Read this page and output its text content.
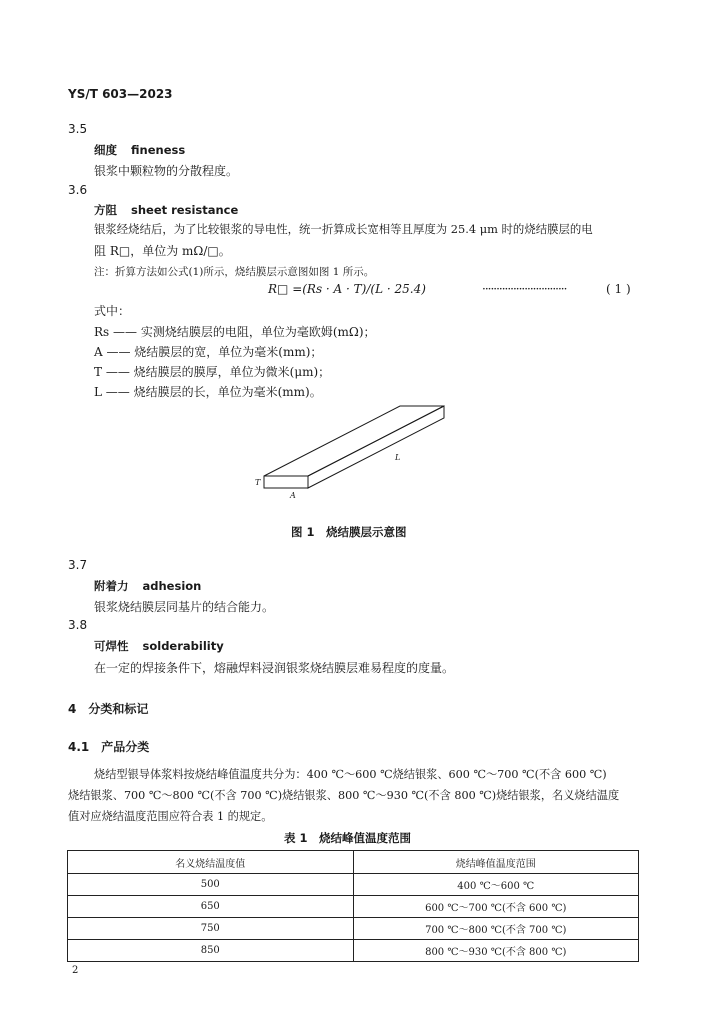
YS/T 603—2023
3.5
细度 fineness
银浆中颗粒物的分散程度。
3.6
方阻 sheet resistance
银浆经烧结后，为了比较银浆的导电性，统一折算成长宽相等且厚度为 25.4 μm 时的烧结膜层的电
阻 R□，单位为 mΩ/□。
注：折算方法如公式(1)所示，烧结膜层示意图如图 1 所示。
R□ =(Rs · A · T)/(L · 25.4)	······························	( 1 )
式中：
Rs —— 实测烧结膜层的电阻，单位为毫欧姆(mΩ)；
A —— 烧结膜层的宽，单位为毫米(mm)；
T —— 烧结膜层的膜厚，单位为微米(μm)；
L —— 烧结膜层的长，单位为毫米(mm)。
L
T
A
图 1　烧结膜层示意图
3.7
附着力 adhesion
银浆烧结膜层同基片的结合能力。
3.8
可焊性 solderability
在一定的焊接条件下，熔融焊料浸润银浆烧结膜层难易程度的度量。
4　分类和标记
4.1　产品分类
烧结型银导体浆料按烧结峰值温度共分为：400 ℃～600 ℃烧结银浆、600 ℃～700 ℃(不含 600 ℃)
烧结银浆、700 ℃～800 ℃(不含 700 ℃)烧结银浆、800 ℃～930 ℃(不含 800 ℃)烧结银浆，名义烧结温度
值对应烧结温度范围应符合表 1 的规定。
表 1　烧结峰值温度范围
名义烧结温度值	烧结峰值温度范围
500	400 ℃～600 ℃
650	600 ℃～700 ℃(不含 600 ℃)
750	700 ℃～800 ℃(不含 700 ℃)
850	800 ℃～930 ℃(不含 800 ℃)
2
